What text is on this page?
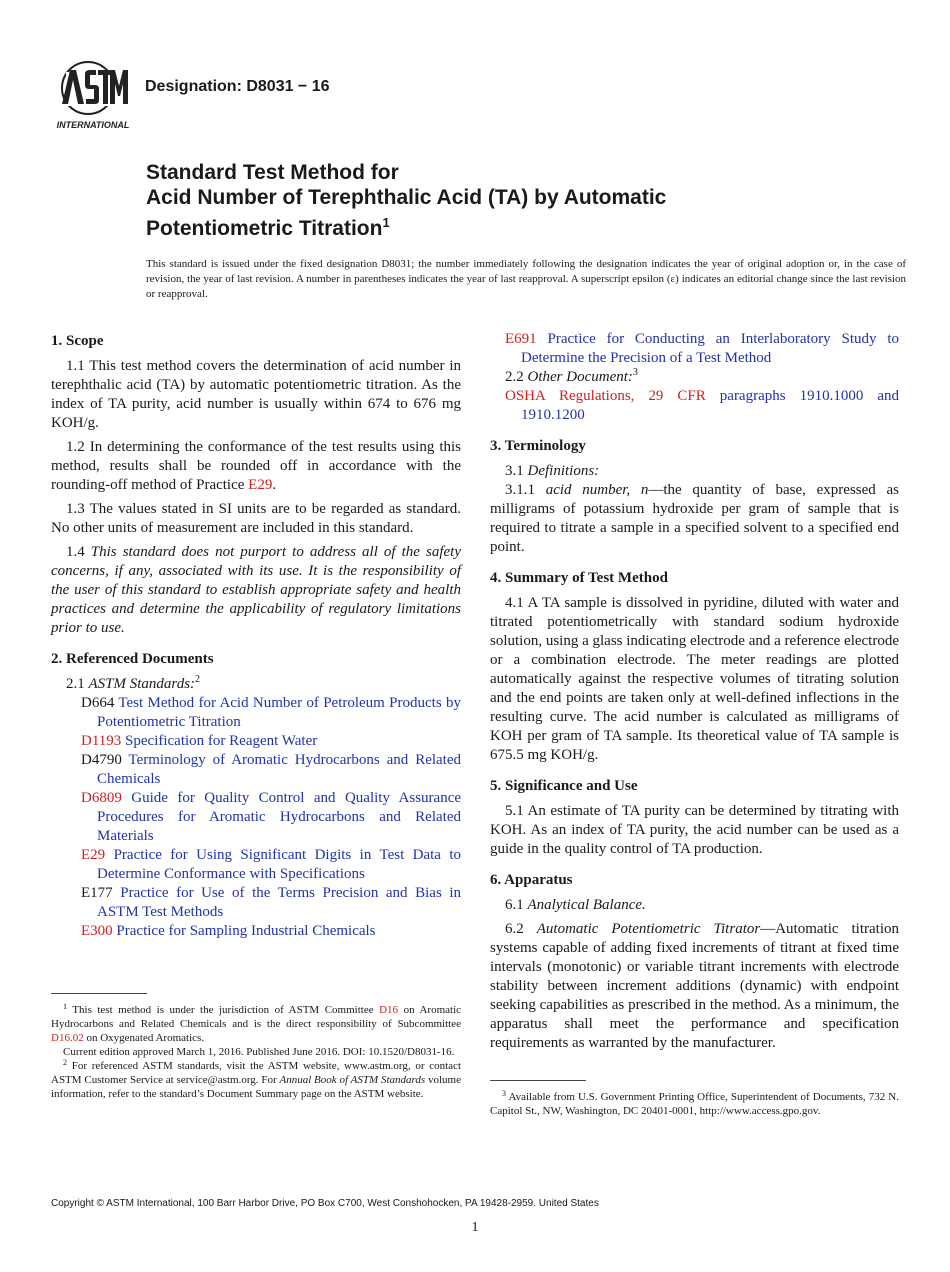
INTERNATIONAL
Designation: D8031 − 16
Standard Test Method for
Acid Number of Terephthalic Acid (TA) by Automatic
Potentiometric Titration$^1$
This standard is issued under the fixed designation D8031; the number immediately following the designation indicates the year of original adoption or, in the case of revision, the year of last revision. A number in parentheses indicates the year of last reapproval. A superscript epsilon (ε) indicates an editorial change since the last revision or reapproval.
1. Scope

1.1 This test method covers the determination of acid number in terephthalic acid (TA) by automatic potentiometric titration. As the index of TA purity, acid number is usually within 674 to 676 mg KOH/g.

1.2 In determining the conformance of the test results using this method, results shall be rounded off in accordance with the rounding-off method of Practice E29.

1.3 The values stated in SI units are to be regarded as standard. No other units of measurement are included in this standard.

1.4 This standard does not purport to address all of the safety concerns, if any, associated with its use. It is the responsibility of the user of this standard to establish appropriate safety and health practices and determine the applicability of regulatory limitations prior to use.

2. Referenced Documents

2.1 ASTM Standards:$^2$

D664 Test Method for Acid Number of Petroleum Products by Potentiometric Titration
D1193 Specification for Reagent Water
D4790 Terminology of Aromatic Hydrocarbons and Related Chemicals
D6809 Guide for Quality Control and Quality Assurance Procedures for Aromatic Hydrocarbons and Related Materials
E29 Practice for Using Significant Digits in Test Data to Determine Conformance with Specifications
E177 Practice for Use of the Terms Precision and Bias in ASTM Test Methods
E300 Practice for Sampling Industrial Chemicals
E691 Practice for Conducting an Interlaboratory Study to Determine the Precision of a Test Method

2.2 Other Document:$^3$

OSHA Regulations, 29 CFR paragraphs 1910.1000 and 1910.1200
3. Terminology

3.1 Definitions:

3.1.1 acid number, n—the quantity of base, expressed as milligrams of potassium hydroxide per gram of sample that is required to titrate a sample in a specified solvent to a specified end point.

4. Summary of Test Method

4.1 A TA sample is dissolved in pyridine, diluted with water and titrated potentiometrically with standard sodium hydroxide solution, using a glass indicating electrode and a reference electrode or a combination electrode. The meter readings are plotted automatically against the respective volumes of titrating solution and the end points are taken only at well-defined inflections in the resulting curve. The acid number is calculated as milligrams of KOH per gram of TA sample. Its theoretical value of TA sample is 675.5 mg KOH/g.

5. Significance and Use

5.1 An estimate of TA purity can be determined by titrating with KOH. As an index of TA purity, the acid number can be used as a guide in the quality control of TA production.

6. Apparatus

6.1 Analytical Balance.

6.2 Automatic Potentiometric Titrator—Automatic titration systems capable of adding fixed increments of titrant at fixed time intervals (monotonic) or variable titrant increments with electrode stability between increment additions (dynamic) with endpoint seeking capabilities as prescribed in the method. As a minimum, the apparatus shall meet the performance and specification requirements as warranted by the manufacturer.

$^1$ This test method is under the jurisdiction of ASTM Committee D16 on Aromatic Hydrocarbons and Related Chemicals and is the direct responsibility of Subcommittee D16.02 on Oxygenated Aromatics.

Current edition approved March 1, 2016. Published June 2016. DOI: 10.1520/D8031-16.

$^2$ For referenced ASTM standards, visit the ASTM website, www.astm.org, or contact ASTM Customer Service at service@astm.org. For Annual Book of ASTM Standards volume information, refer to the standard’s Document Summary page on the ASTM website.	$^3$ Available from U.S. Government Printing Office, Superintendent of Documents, 732 N. Capitol St., NW, Washington, DC 20401-0001, http://www.access.gpo.gov.

Copyright © ASTM International, 100 Barr Harbor Drive, PO Box C700, West Conshohocken, PA 19428-2959. United States
1
